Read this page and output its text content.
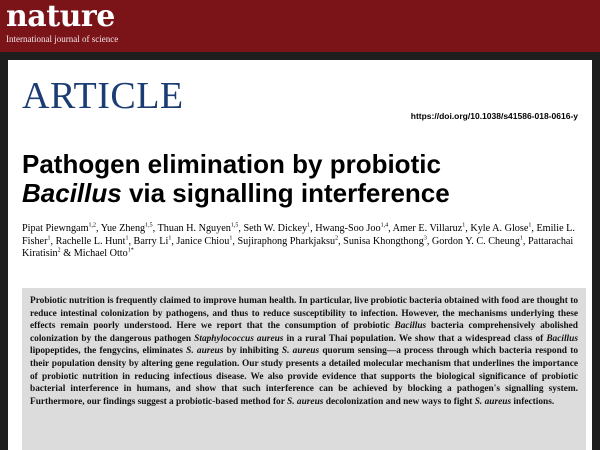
nature
International journal of science
ARTICLE	https://doi.org/10.1038/s41586-018-0616-y
Pathogen elimination by probiotic
Bacillus via signalling interference
Pipat Piewngam$^{1,2}$, Yue Zheng$^{1,5}$, Thuan H. Nguyen$^{1,5}$, Seth W. Dickey$^1$, Hwang-Soo Joo$^{1,4}$, Amer E. Villaruz$^1$, Kyle A. Glose$^1$, Emilie L. Fisher$^1$, Rachelle L. Hunt$^1$, Barry Li$^1$, Janice Chiou$^1$, Sujiraphong Pharkjaksu$^2$, Sunisa Khongthong$^3$, Gordon Y. C. Cheung$^1$, Pattarachai Kiratisin$^2$ & Michael Otto$^{1*}$
Probiotic nutrition is frequently claimed to improve human health. In particular, live probiotic bacteria obtained with food are thought to reduce intestinal colonization by pathogens, and thus to reduce susceptibility to infection. However, the mechanisms underlying these effects remain poorly understood. Here we report that the consumption of probiotic Bacillus bacteria comprehensively abolished colonization by the dangerous pathogen Staphylococcus aureus in a rural Thai population. We show that a widespread class of Bacillus lipopeptides, the fengycins, eliminates S. aureus by inhibiting S. aureus quorum sensing—a process through which bacteria respond to their population density by altering gene regulation. Our study presents a detailed molecular mechanism that underlines the importance of probiotic nutrition in reducing infectious disease. We also provide evidence that supports the biological significance of probiotic bacterial interference in humans, and show that such interference can be achieved by blocking a pathogen's signalling system. Furthermore, our findings suggest a probiotic-based method for S. aureus decolonization and new ways to fight S. aureus infections.
